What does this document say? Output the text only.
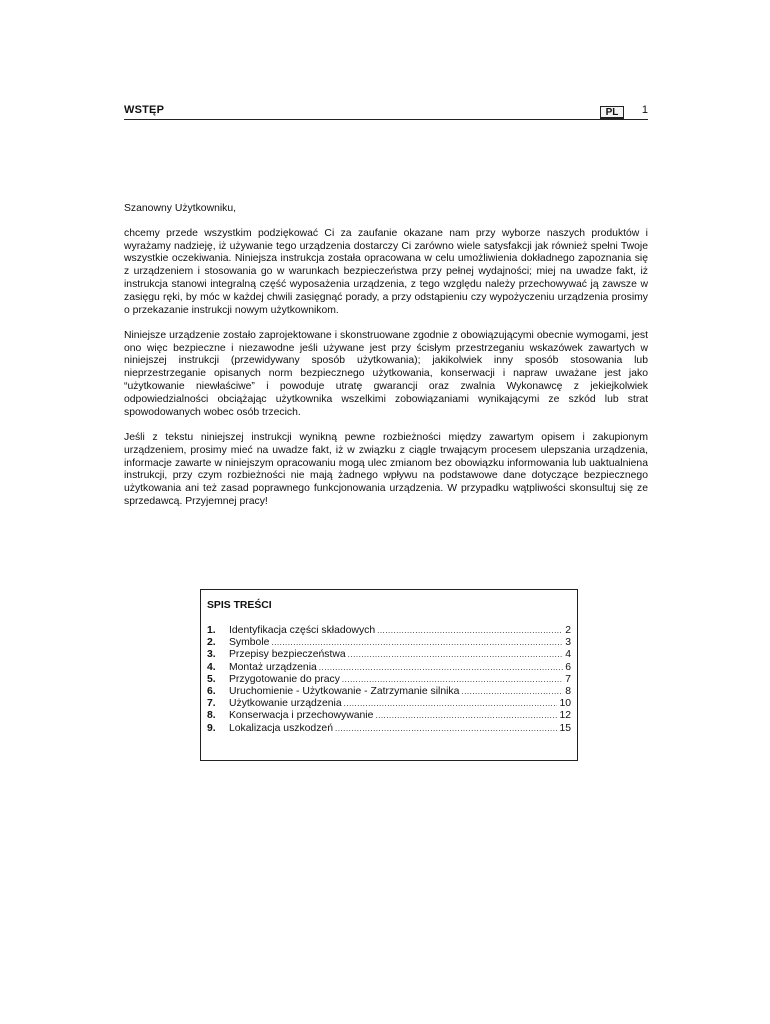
WSTĘP	PL	1

Szanowny Użytkowniku,

chcemy przede wszystkim podziękować Ci za zaufanie okazane nam przy wyborze naszych produktów i wyrażamy nadzieję, iż używanie tego urządzenia dostarczy Ci zarówno wiele satysfakcji jak również spełni Twoje wszystkie oczekiwania. Niniejsza instrukcja została opracowana w celu umożliwienia dokładnego zapoznania się z urządzeniem i stosowania go w warunkach bezpieczeństwa przy pełnej wydajności; miej na uwadze fakt, iż instrukcja stanowi integralną część wyposażenia urządzenia, z tego względu należy przechowywać ją zawsze w zasięgu ręki, by móc w każdej chwili zasięgnąć porady, a przy odstąpieniu czy wypożyczeniu urządzenia prosimy o przekazanie instrukcji nowym użytkownikom.

Niniejsze urządzenie zostało zaprojektowane i skonstruowane zgodnie z obowiązującymi obecnie wymogami, jest ono więc bezpieczne i niezawodne jeśli używane jest przy ścisłym przestrzeganiu wskazówek zawartych w niniejszej instrukcji (przewidywany sposób użytkowania); jakikolwiek inny sposób stosowania lub nieprzestrzeganie opisanych norm bezpiecznego użytkowania, konserwacji i napraw uważane jest jako “użytkowanie niewłaściwe” i powoduje utratę gwarancji oraz zwalnia Wykonawcę z jekiejkolwiek odpowiedzialności obciążając użytkownika wszelkimi zobowiązaniami wynikającymi ze szkód lub strat spowodowanych wobec osób trzecich.

Jeśli z tekstu niniejszej instrukcji wynikną pewne rozbieżności między zawartym opisem i zakupionym urządzeniem, prosimy mieć na uwadze fakt, iż w związku z ciągle trwającym procesem ulepszania urządzenia, informacje zawarte w niniejszym opracowaniu mogą ulec zmianom bez obowiązku informowania lub uaktualniena instrukcji, przy czym rozbieżności nie mają żadnego wpływu na podstawowe dane dotyczące bezpiecznego użytkowania ani też zasad poprawnego funkcjonowania urządzenia. W przypadku wątpliwości skonsultuj się ze sprzedawcą. Przyjemnej pracy!

SPIS TREŚCI
1.	Identyfikacja części składowych .....	2
2.	Symbole .....	3
3.	Przepisy bezpieczeństwa .....	4
4.	Montaż urządzenia .....	6
5.	Przygotowanie do pracy .....	7
6.	Uruchomienie - Użytkowanie - Zatrzymanie silnika .....	8
7.	Użytkowanie urządzenia .....	10
8.	Konserwacja i przechowywanie .....	12
9.	Lokalizacja uszkodzeń .....	15
